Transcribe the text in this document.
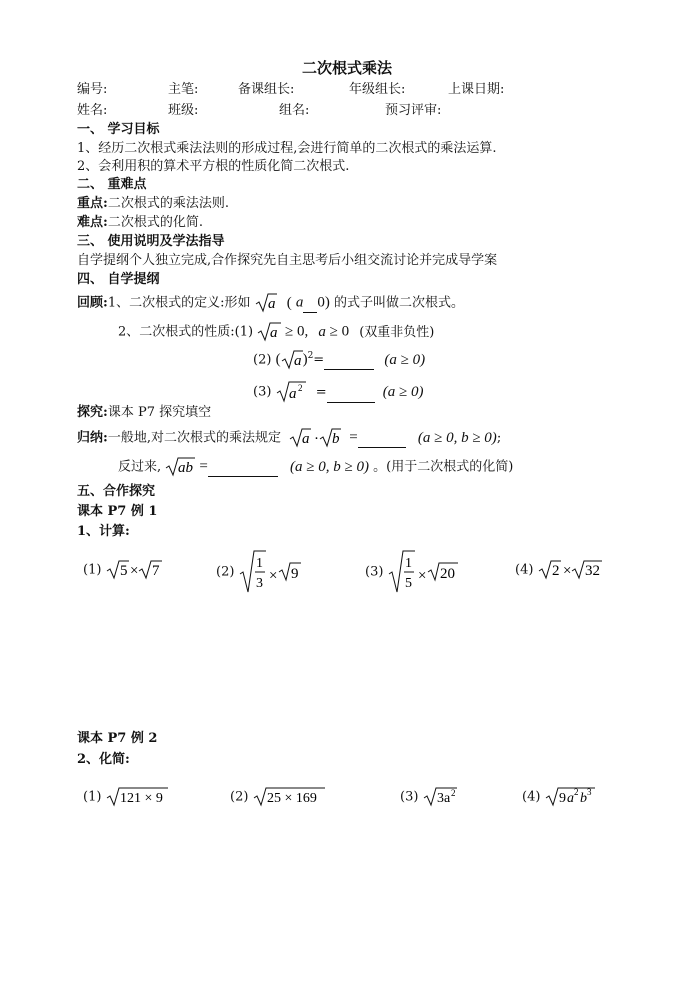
二次根式乘法
编号:	主笔:	备课组长:	年级组长:	上课日期:
姓名:	班级:	组名:	预习评审:
一、 学习目标
1、经历二次根式乘法法则的形成过程,会进行简单的二次根式的乘法运算.
2、会利用积的算术平方根的性质化简二次根式.
二、 重难点
重点:二次根式的乘法法则.
难点:二次根式的化简.
三、 使用说明及学法指导
自学提纲个人独立完成,合作探究先自主思考后小组交流讨论并完成导学案
四、 自学提纲
回顾:1、二次根式的定义:形如 a ( a 0) 的式子叫做二次根式。
2、二次根式的性质:(1) a ≥ 0, a ≥ 0 (双重非负性)
(2) ( a )$^2$=	(a ≥ 0)
(3) a 2 =	(a ≥ 0)
探究:课本 P7 探究填空
归纳:一般地,对二次根式的乘法规定 a · b =	(a ≥ 0, b ≥ 0);
反过来, ab =	(a ≥ 0, b ≥ 0) 。(用于二次根式的化简)
五、合作探究
课本 P7 例 1
1、计算:
(1) 5 × 7	(2)
1
3 × 9	(3)
1
5 × 20	(4) 2 × 32
课本 P7 例 2
2、化简:
(1) 121 × 9	(2) 25 × 169	(3) 3a 2	(4) 9 a 2 b 3
